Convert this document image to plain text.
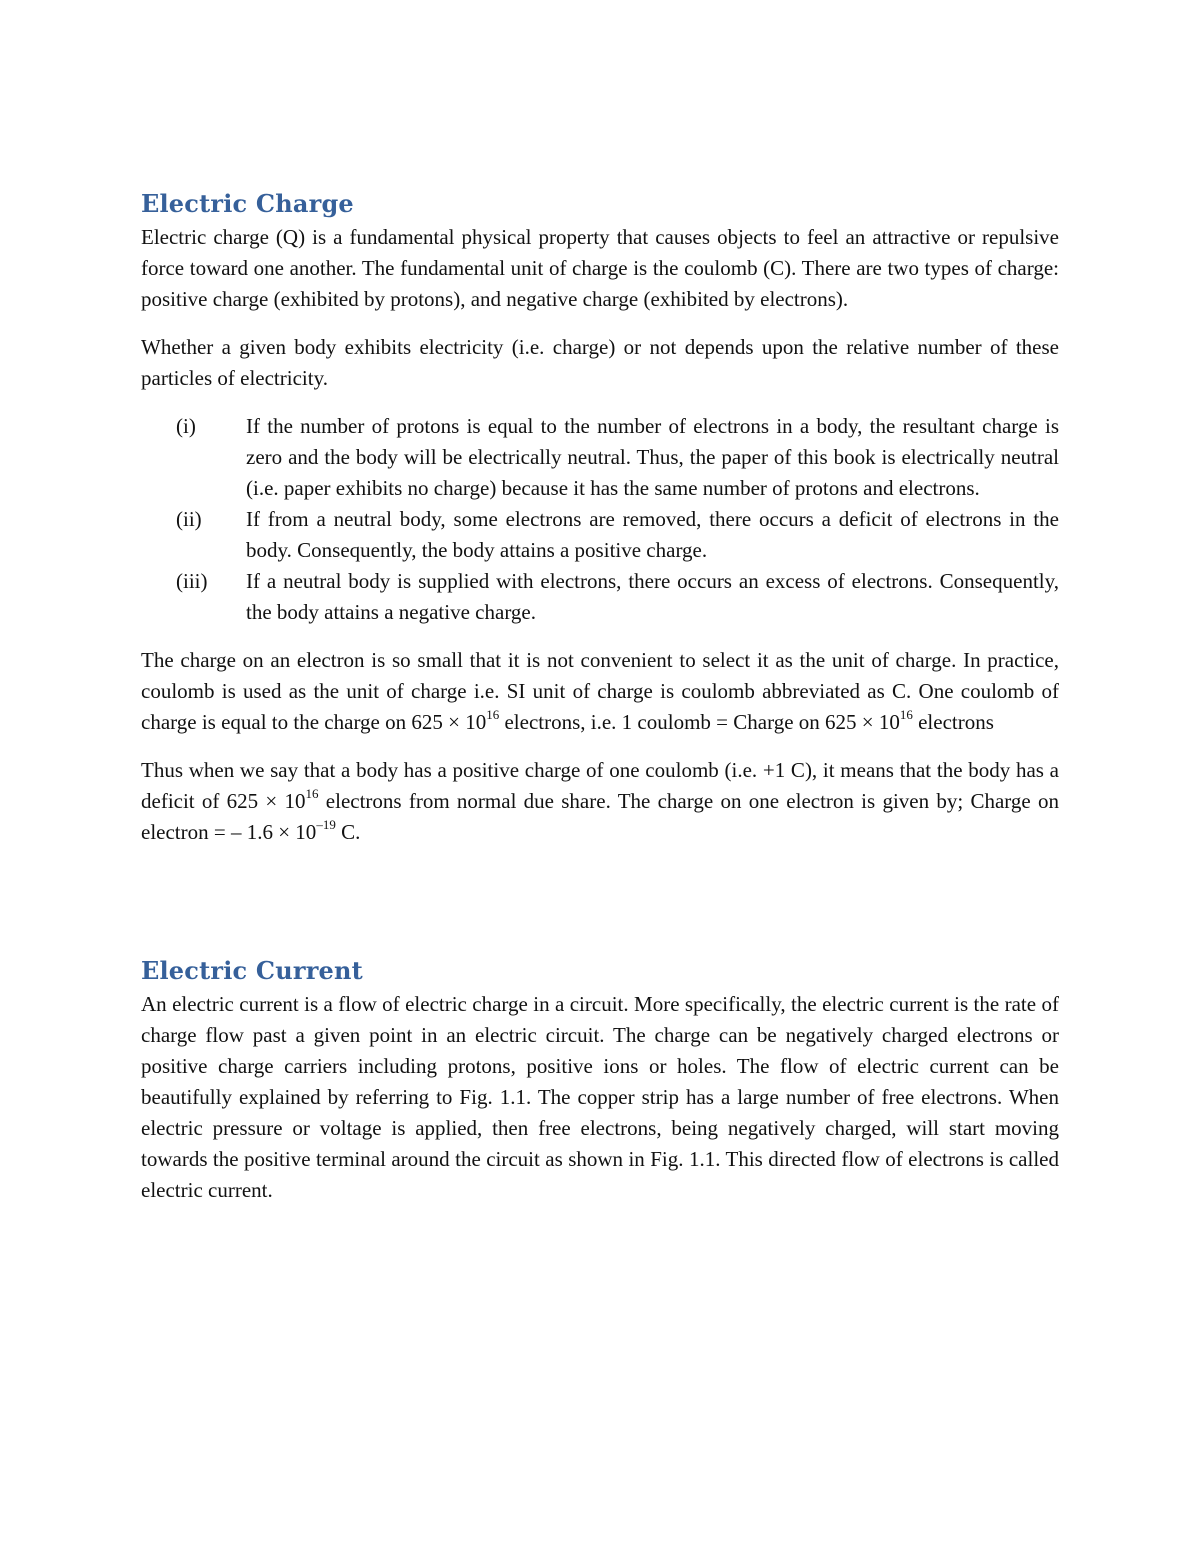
Electric Charge

Electric charge (Q) is a fundamental physical property that causes objects to feel an attractive or repulsive force toward one another. The fundamental unit of charge is the coulomb (C). There are two types of charge: positive charge (exhibited by protons), and negative charge (exhibited by electrons).

Whether a given body exhibits electricity (i.e. charge) or not depends upon the relative number of these particles of electricity.

(i)	If the number of protons is equal to the number of electrons in a body, the resultant charge is zero and the body will be electrically neutral. Thus, the paper of this book is electrically neutral (i.e. paper exhibits no charge) because it has the same number of protons and electrons.
(ii)	If from a neutral body, some electrons are removed, there occurs a deficit of electrons in the body. Consequently, the body attains a positive charge.
(iii)	If a neutral body is supplied with electrons, there occurs an excess of electrons. Consequently, the body attains a negative charge.

The charge on an electron is so small that it is not convenient to select it as the unit of charge. In practice, coulomb is used as the unit of charge i.e. SI unit of charge is coulomb abbreviated as C. One coulomb of charge is equal to the charge on $625 \times 10^{16}$ electrons, i.e. 1 coulomb = Charge on $625 \times 10^{16}$ electrons

Thus when we say that a body has a positive charge of one coulomb (i.e. +1 C), it means that the body has a deficit of $625 \times 10^{16}$ electrons from normal due share. The charge on one electron is given by; Charge on electron = – $1.6 \times 10^{-19}$ C.

Electric Current

An electric current is a flow of electric charge in a circuit. More specifically, the electric current is the rate of charge flow past a given point in an electric circuit. The charge can be negatively charged electrons or positive charge carriers including protons, positive ions or holes. The flow of electric current can be beautifully explained by referring to Fig. 1.1. The copper strip has a large number of free electrons. When electric pressure or voltage is applied, then free electrons, being negatively charged, will start moving towards the positive terminal around the circuit as shown in Fig. 1.1. This directed flow of electrons is called electric current.
